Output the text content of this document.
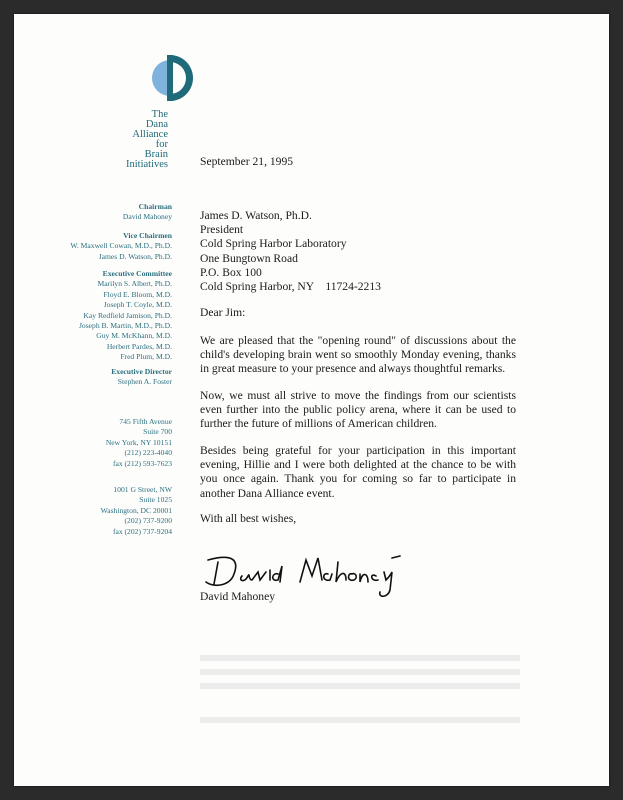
The
Dana
Alliance
for
Brain
Initiatives
Chairman
David Mahoney
Vice Chairmen
W. Maxwell Cowan, M.D., Ph.D.
James D. Watson, Ph.D.
Executive Committee
Marilyn S. Albert, Ph.D.
Floyd E. Bloom, M.D.
Joseph T. Coyle, M.D.
Kay Redfield Jamison, Ph.D.
Joseph B. Martin, M.D., Ph.D.
Guy M. McKhann, M.D.
Herbert Pardes, M.D.
Fred Plum, M.D.
Executive Director
Stephen A. Foster
745 Fifth Avenue
Suite 700
New York, NY 10151
(212) 223-4040
fax (212) 593-7623
1001 G Street, NW
Suite 1025
Washington, DC 20001
(202) 737-9200
fax (202) 737-9204
September 21, 1995
James D. Watson, Ph.D.
President
Cold Spring Harbor Laboratory
One Bungtown Road
P.O. Box 100
Cold Spring Harbor, NY    11724-2213
Dear Jim:
We are pleased that the "opening round" of discussions about the child's developing brain went so smoothly Monday evening, thanks in great measure to your presence and always thoughtful remarks.
Now, we must all strive to move the findings from our scientists even further into the public policy arena, where it can be used to further the future of millions of American children.
Besides being grateful for your participation in this important evening, Hillie and I were both delighted at the chance to be with you once again. Thank you for coming so far to participate in another Dana Alliance event.
With all best wishes,
David Mahoney
David Mahoney
